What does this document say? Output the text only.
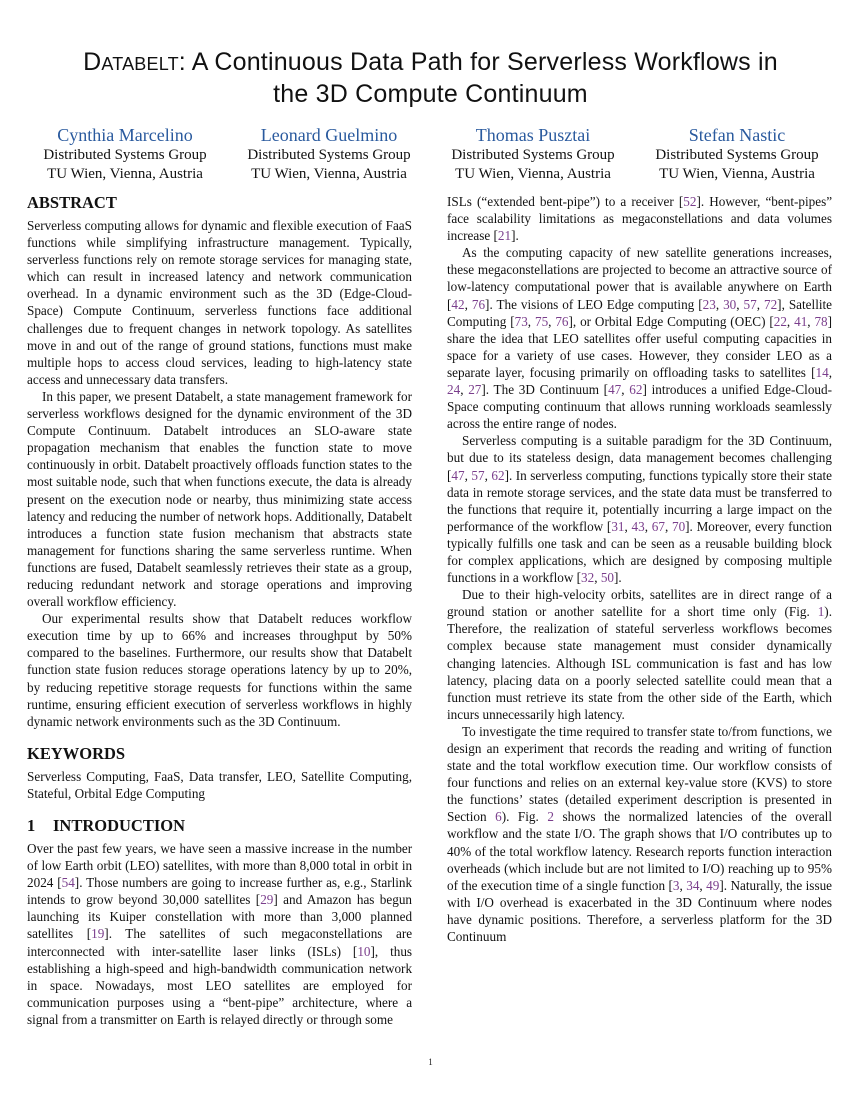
Databelt: A Continuous Data Path for Serverless Workflows in
the 3D Compute Continuum
Cynthia Marcelino
Distributed Systems Group
TU Wien, Vienna, Austria
Leonard Guelmino
Distributed Systems Group
TU Wien, Vienna, Austria
Thomas Pusztai
Distributed Systems Group
TU Wien, Vienna, Austria
Stefan Nastic
Distributed Systems Group
TU Wien, Vienna, Austria
ABSTRACT

Serverless computing allows for dynamic and flexible execution of FaaS functions while simplifying infrastructure management. Typically, serverless functions rely on remote storage services for managing state, which can result in increased latency and network communication overhead. In a dynamic environment such as the 3D (Edge-Cloud-Space) Compute Continuum, serverless functions face additional challenges due to frequent changes in network topology. As satellites move in and out of the range of ground stations, functions must make multiple hops to access cloud services, leading to high-latency state access and unnecessary data transfers.

In this paper, we present Databelt, a state management framework for serverless workflows designed for the dynamic environment of the 3D Compute Continuum. Databelt introduces an SLO-aware state propagation mechanism that enables the function state to move continuously in orbit. Databelt proactively offloads function states to the most suitable node, such that when functions execute, the data is already present on the execution node or nearby, thus minimizing state access latency and reducing the number of network hops. Additionally, Databelt introduces a function state fusion mechanism that abstracts state management for functions sharing the same serverless runtime. When functions are fused, Databelt seamlessly retrieves their state as a group, reducing redundant network and storage operations and improving overall workflow efficiency.

Our experimental results show that Databelt reduces workflow execution time by up to 66% and increases throughput by 50% compared to the baselines. Furthermore, our results show that Databelt function state fusion reduces storage operations latency by up to 20%, by reducing repetitive storage requests for functions within the same runtime, ensuring efficient execution of serverless workflows in highly dynamic network environments such as the 3D Continuum.

KEYWORDS

Serverless Computing, FaaS, Data transfer, LEO, Satellite Computing, Stateful, Orbital Edge Computing

1 INTRODUCTION

Over the past few years, we have seen a massive increase in the number of low Earth orbit (LEO) satellites, with more than 8,000 total in orbit in 2024 [54]. Those numbers are going to increase further as, e.g., Starlink intends to grow beyond 30,000 satellites [29] and Amazon has begun launching its Kuiper constellation with more than 3,000 planned satellites [19]. The satellites of such megaconstellations are interconnected with inter-satellite laser links (ISLs) [10], thus establishing a high-speed and high-bandwidth communication network in space. Nowadays, most LEO satellites are employed for communication purposes using a “bent-pipe” architecture, where a signal from a transmitter on Earth is relayed directly or through some

ISLs (“extended bent-pipe”) to a receiver [52]. However, “bent-pipes” face scalability limitations as megaconstellations and data volumes increase [21].

As the computing capacity of new satellite generations increases, these megaconstellations are projected to become an attractive source of low-latency computational power that is available anywhere on Earth [42, 76]. The visions of LEO Edge computing [23, 30, 57, 72], Satellite Computing [73, 75, 76], or Orbital Edge Computing (OEC) [22, 41, 78] share the idea that LEO satellites offer useful computing capacities in space for a variety of use cases. However, they consider LEO as a separate layer, focusing primarily on offloading tasks to satellites [14, 24, 27]. The 3D Continuum [47, 62] introduces a unified Edge-Cloud-Space computing continuum that allows running workloads seamlessly across the entire range of nodes.

Serverless computing is a suitable paradigm for the 3D Continuum, but due to its stateless design, data management becomes challenging [47, 57, 62]. In serverless computing, functions typically store their state data in remote storage services, and the state data must be transferred to the functions that require it, potentially incurring a large impact on the performance of the workflow [31, 43, 67, 70]. Moreover, every function typically fulfills one task and can be seen as a reusable building block for complex applications, which are designed by composing multiple functions in a workflow [32, 50].

Due to their high-velocity orbits, satellites are in direct range of a ground station or another satellite for a short time only (Fig. 1). Therefore, the realization of stateful serverless workflows becomes complex because state management must consider dynamically changing latencies. Although ISL communication is fast and has low latency, placing data on a poorly selected satellite could mean that a function must retrieve its state from the other side of the Earth, which incurs unnecessarily high latency.

To investigate the time required to transfer state to/from functions, we design an experiment that records the reading and writing of function state and the total workflow execution time. Our workflow consists of four functions and relies on an external key-value store (KVS) to store the functions’ states (detailed experiment description is presented in Section 6). Fig. 2 shows the normalized latencies of the overall workflow and the state I/O. The graph shows that I/O contributes up to 40% of the total workflow latency. Research reports function interaction overheads (which include but are not limited to I/O) reaching up to 95% of the execution time of a single function [3, 34, 49]. Naturally, the issue with I/O overhead is exacerbated in the 3D Continuum where nodes have dynamic positions. Therefore, a serverless platform for the 3D Continuum

1
